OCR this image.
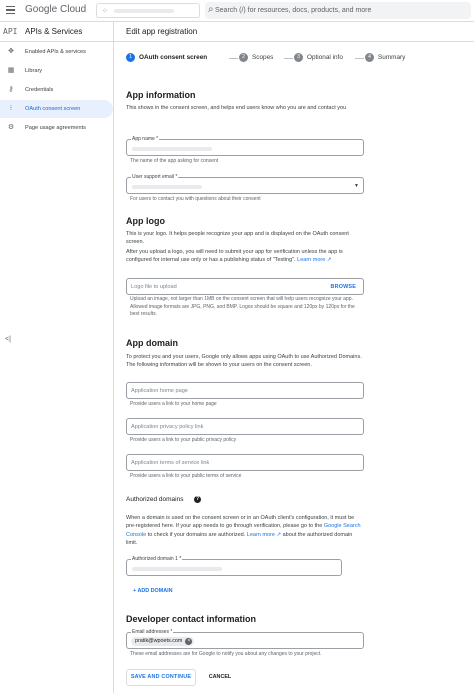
Google Cloud ⁘	⌕ Search (/) for resources, docs, products, and more
API APIs & Services
✥ Enabled APIs & services
▦ Library
⚷ Credentials
⁝	OAuth consent screen
⚙ Page usage agreements
<|
Edit app registration
1	OAuth consent screen	2	Scopes	3	Optional info	4	Summary
App information
This shows in the consent screen, and helps end users know who you are and contact you
App name *
The name of the app asking for consent
User support email *
▼
For users to contact you with questions about their consent
App logo
This is your logo. It helps people recognize your app and is displayed on the OAuth consent screen.
After you upload a logo, you will need to submit your app for verification unless the app is configured for internal use only or has a publishing status of "Testing". Learn more ↗
Logo file to upload	BROWSE
Upload an image, not larger than 1MB on the consent screen that will help users recognize your app. Allowed image formats are JPG, PNG, and BMP. Logos should be square and 120px by 120px for the best results.
App domain
To protect you and your users, Google only allows apps using OAuth to use Authorized Domains. The following information will be shown to your users on the consent screen.
Application home page
Provide users a link to your home page
Application privacy policy link
Provide users a link to your public privacy policy
Application terms of service link
Provide users a link to your public terms of service
Authorized domains	?
When a domain is used on the consent screen or in an OAuth client's configuration, it must be pre-registered here. If your app needs to go through verification, please go to the Google Search Console to check if your domains are authorized. Learn more ↗ about the authorized domain limit.
Authorized domain 1 *
+ ADD DOMAIN
Developer contact information
Email addresses *
pratik@wpoets.com	×
These email addresses are for Google to notify you about any changes to your project.
SAVE AND CONTINUE	CANCEL
